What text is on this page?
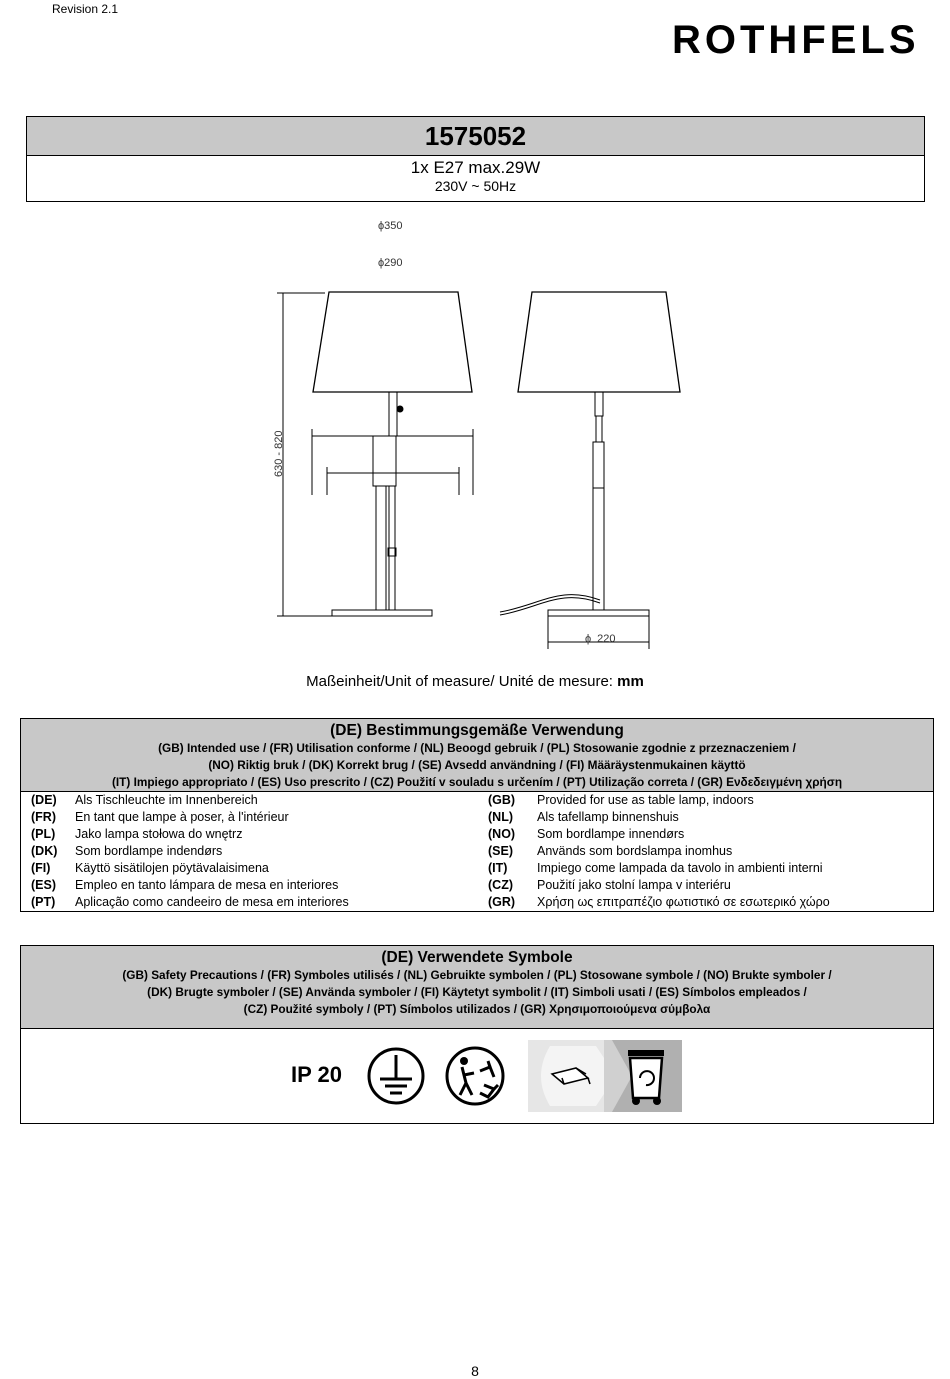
Revision 2.1
ROTHFELS
1575052
1x E27 max.29W
230V ~ 50Hz
ϕ350
ϕ290
630 - 820
ϕ 220
Maßeinheit/Unit of measure/ Unité de mesure: mm
(DE) Bestimmungsgemäße Verwendung
(GB) Intended use / (FR) Utilisation conforme / (NL) Beoogd gebruik / (PL) Stosowanie zgodnie z przeznaczeniem /
(NO) Riktig bruk / (DK) Korrekt brug / (SE) Avsedd användning / (FI) Määräystenmukainen käyttö
(IT) Impiego appropriato / (ES) Uso prescrito / (CZ) Použití v souladu s určením / (PT) Utilização correta / (GR) Ενδεδειγμένη χρήση
(DE) Als Tischleuchte im Innenbereich	(GB) Provided for use as table lamp, indoors
(FR) En tant que lampe à poser, à l'intérieur	(NL) Als tafellamp binnenshuis
(PL) Jako lampa stołowa do wnętrz	(NO) Som bordlampe innendørs
(DK) Som bordlampe indendørs	(SE) Används som bordslampa inomhus
(FI) Käyttö sisätilojen pöytävalaisimena	(IT) Impiego come lampada da tavolo in ambienti interni
(ES) Empleo en tanto lámpara de mesa en interiores	(CZ) Použití jako stolní lampa v interiéru
(PT) Aplicação como candeeiro de mesa em interiores	(GR) Χρήση ως επιτραπέζιο φωτιστικό σε εσωτερικό χώρο
(DE) Verwendete Symbole
(GB) Safety Precautions / (FR) Symboles utilisés / (NL) Gebruikte symbolen / (PL) Stosowane symbole / (NO) Brukte symboler /
(DK) Brugte symboler / (SE) Använda symboler / (FI) Käytetyt symbolit / (IT) Simboli usati / (ES) Símbolos empleados /
(CZ) Použité symboly / (PT) Símbolos utilizados / (GR) Χρησιμοποιούμενα σύμβολα
IP 20
8
